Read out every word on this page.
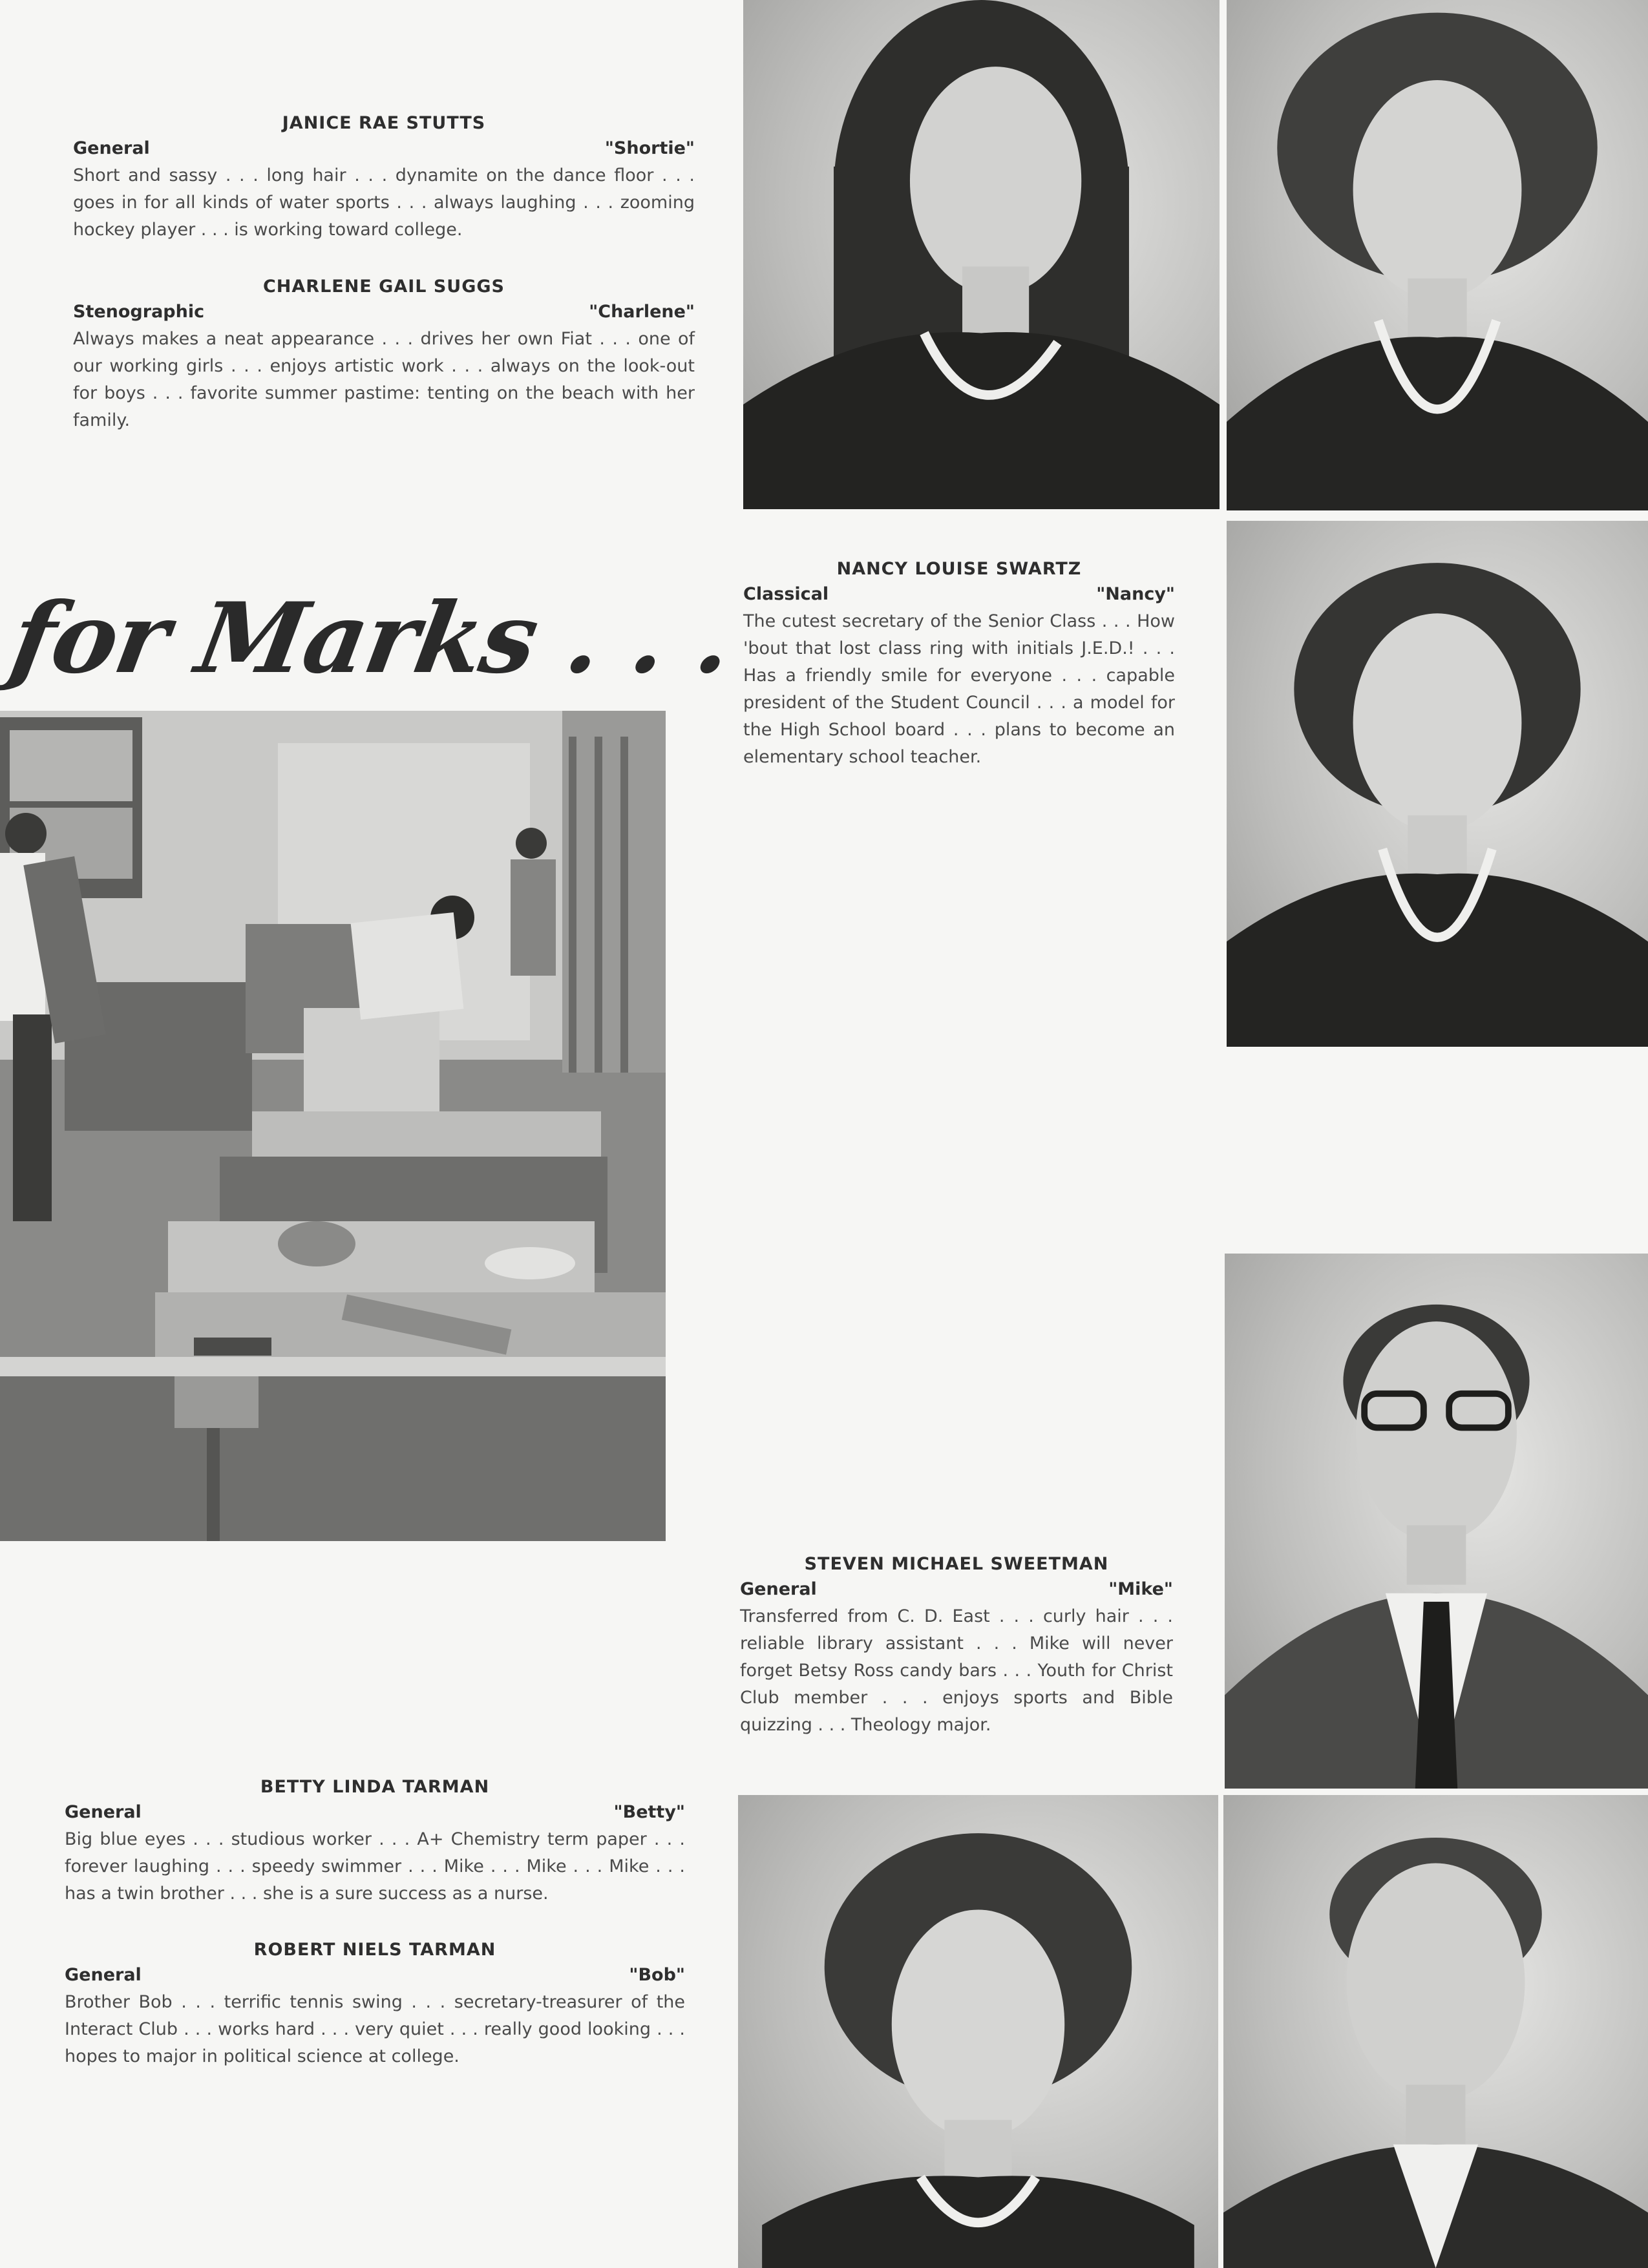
JANICE RAE STUTTS
General	"Shortie"
Short and sassy . . . long hair . . . dynamite on the dance floor . . . goes in for all kinds of water sports . . . always laughing . . . zooming hockey player . . . is working toward college.
CHARLENE GAIL SUGGS
Stenographic	"Charlene"
Always makes a neat appearance . . . drives her own Fiat . . . one of our working girls . . . enjoys artistic work . . . always on the look-out for boys . . . favorite summer pastime: tenting on the beach with her family.
NANCY LOUISE SWARTZ
Classical	"Nancy"
The cutest secretary of the Senior Class . . . How 'bout that lost class ring with initials J.E.D.! . . . Has a friendly smile for everyone . . . capable president of the Student Council . . . a model for the High School board . . . plans to become an elementary school teacher.
STEVEN MICHAEL SWEETMAN
General	"Mike"
Transferred from C. D. East . . . curly hair . . . reliable library assistant . . . Mike will never forget Betsy Ross candy bars . . . Youth for Christ Club member . . . enjoys sports and Bible quizzing . . . Theology major.
BETTY LINDA TARMAN
General	"Betty"
Big blue eyes . . . studious worker . . . A+ Chemistry term paper . . . forever laughing . . . speedy swimmer . . . Mike . . . Mike . . . Mike . . . has a twin brother . . . she is a sure success as a nurse.
ROBERT NIELS TARMAN
General	"Bob"
Brother Bob . . . terrific tennis swing . . . secretary-treasurer of the Interact Club . . . works hard . . . very quiet . . . really good looking . . . hopes to major in political science at college.
for Marks . . .
